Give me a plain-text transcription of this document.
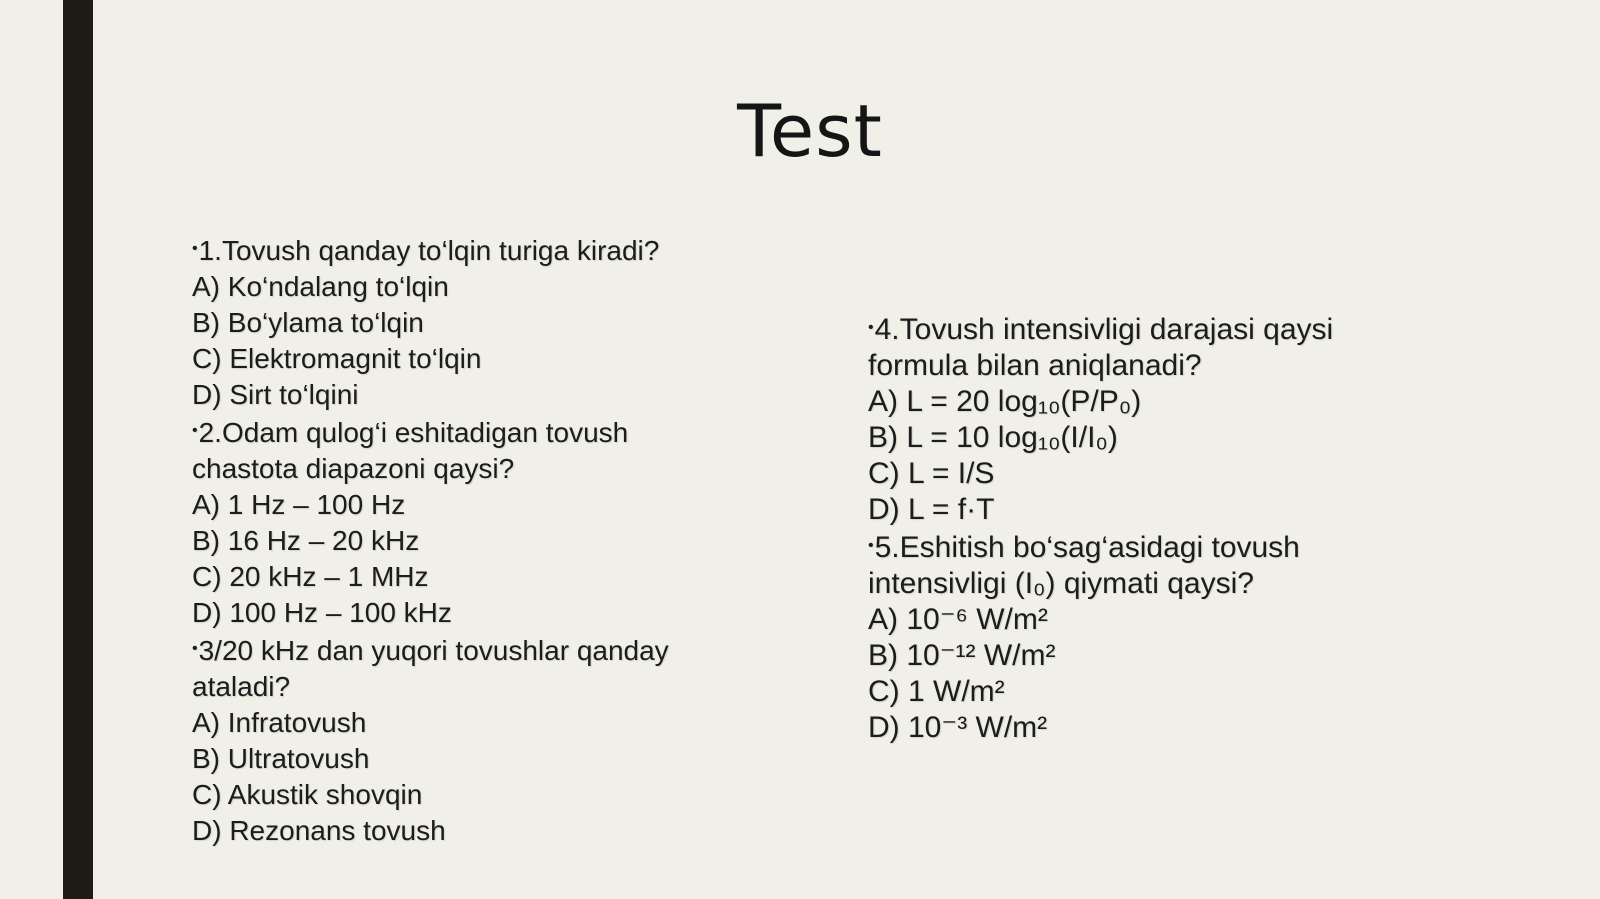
Test
•1.Tovush qanday to‘lqin turiga kiradi?
A) Ko‘ndalang to‘lqin
B) Bo‘ylama to‘lqin
C) Elektromagnit to‘lqin
D) Sirt to‘lqini
•2.Odam qulog‘i eshitadigan tovush
chastota diapazoni qaysi?
A) 1 Hz – 100 Hz
B) 16 Hz – 20 kHz
C) 20 kHz – 1 MHz
D) 100 Hz – 100 kHz
•3/20 kHz dan yuqori tovushlar qanday
ataladi?
A) Infratovush
B) Ultratovush
C) Akustik shovqin
D) Rezonans tovush
•4.Tovush intensivligi darajasi qaysi
formula bilan aniqlanadi?
A) L = 20 log₁₀(P/P₀)
B) L = 10 log₁₀(I/I₀)
C) L = I/S
D) L = f·T
•5.Eshitish bo‘sag‘asidagi tovush
intensivligi (I₀) qiymati qaysi?
A) 10⁻⁶ W/m²
B) 10⁻¹² W/m²
C) 1 W/m²
D) 10⁻³ W/m²
